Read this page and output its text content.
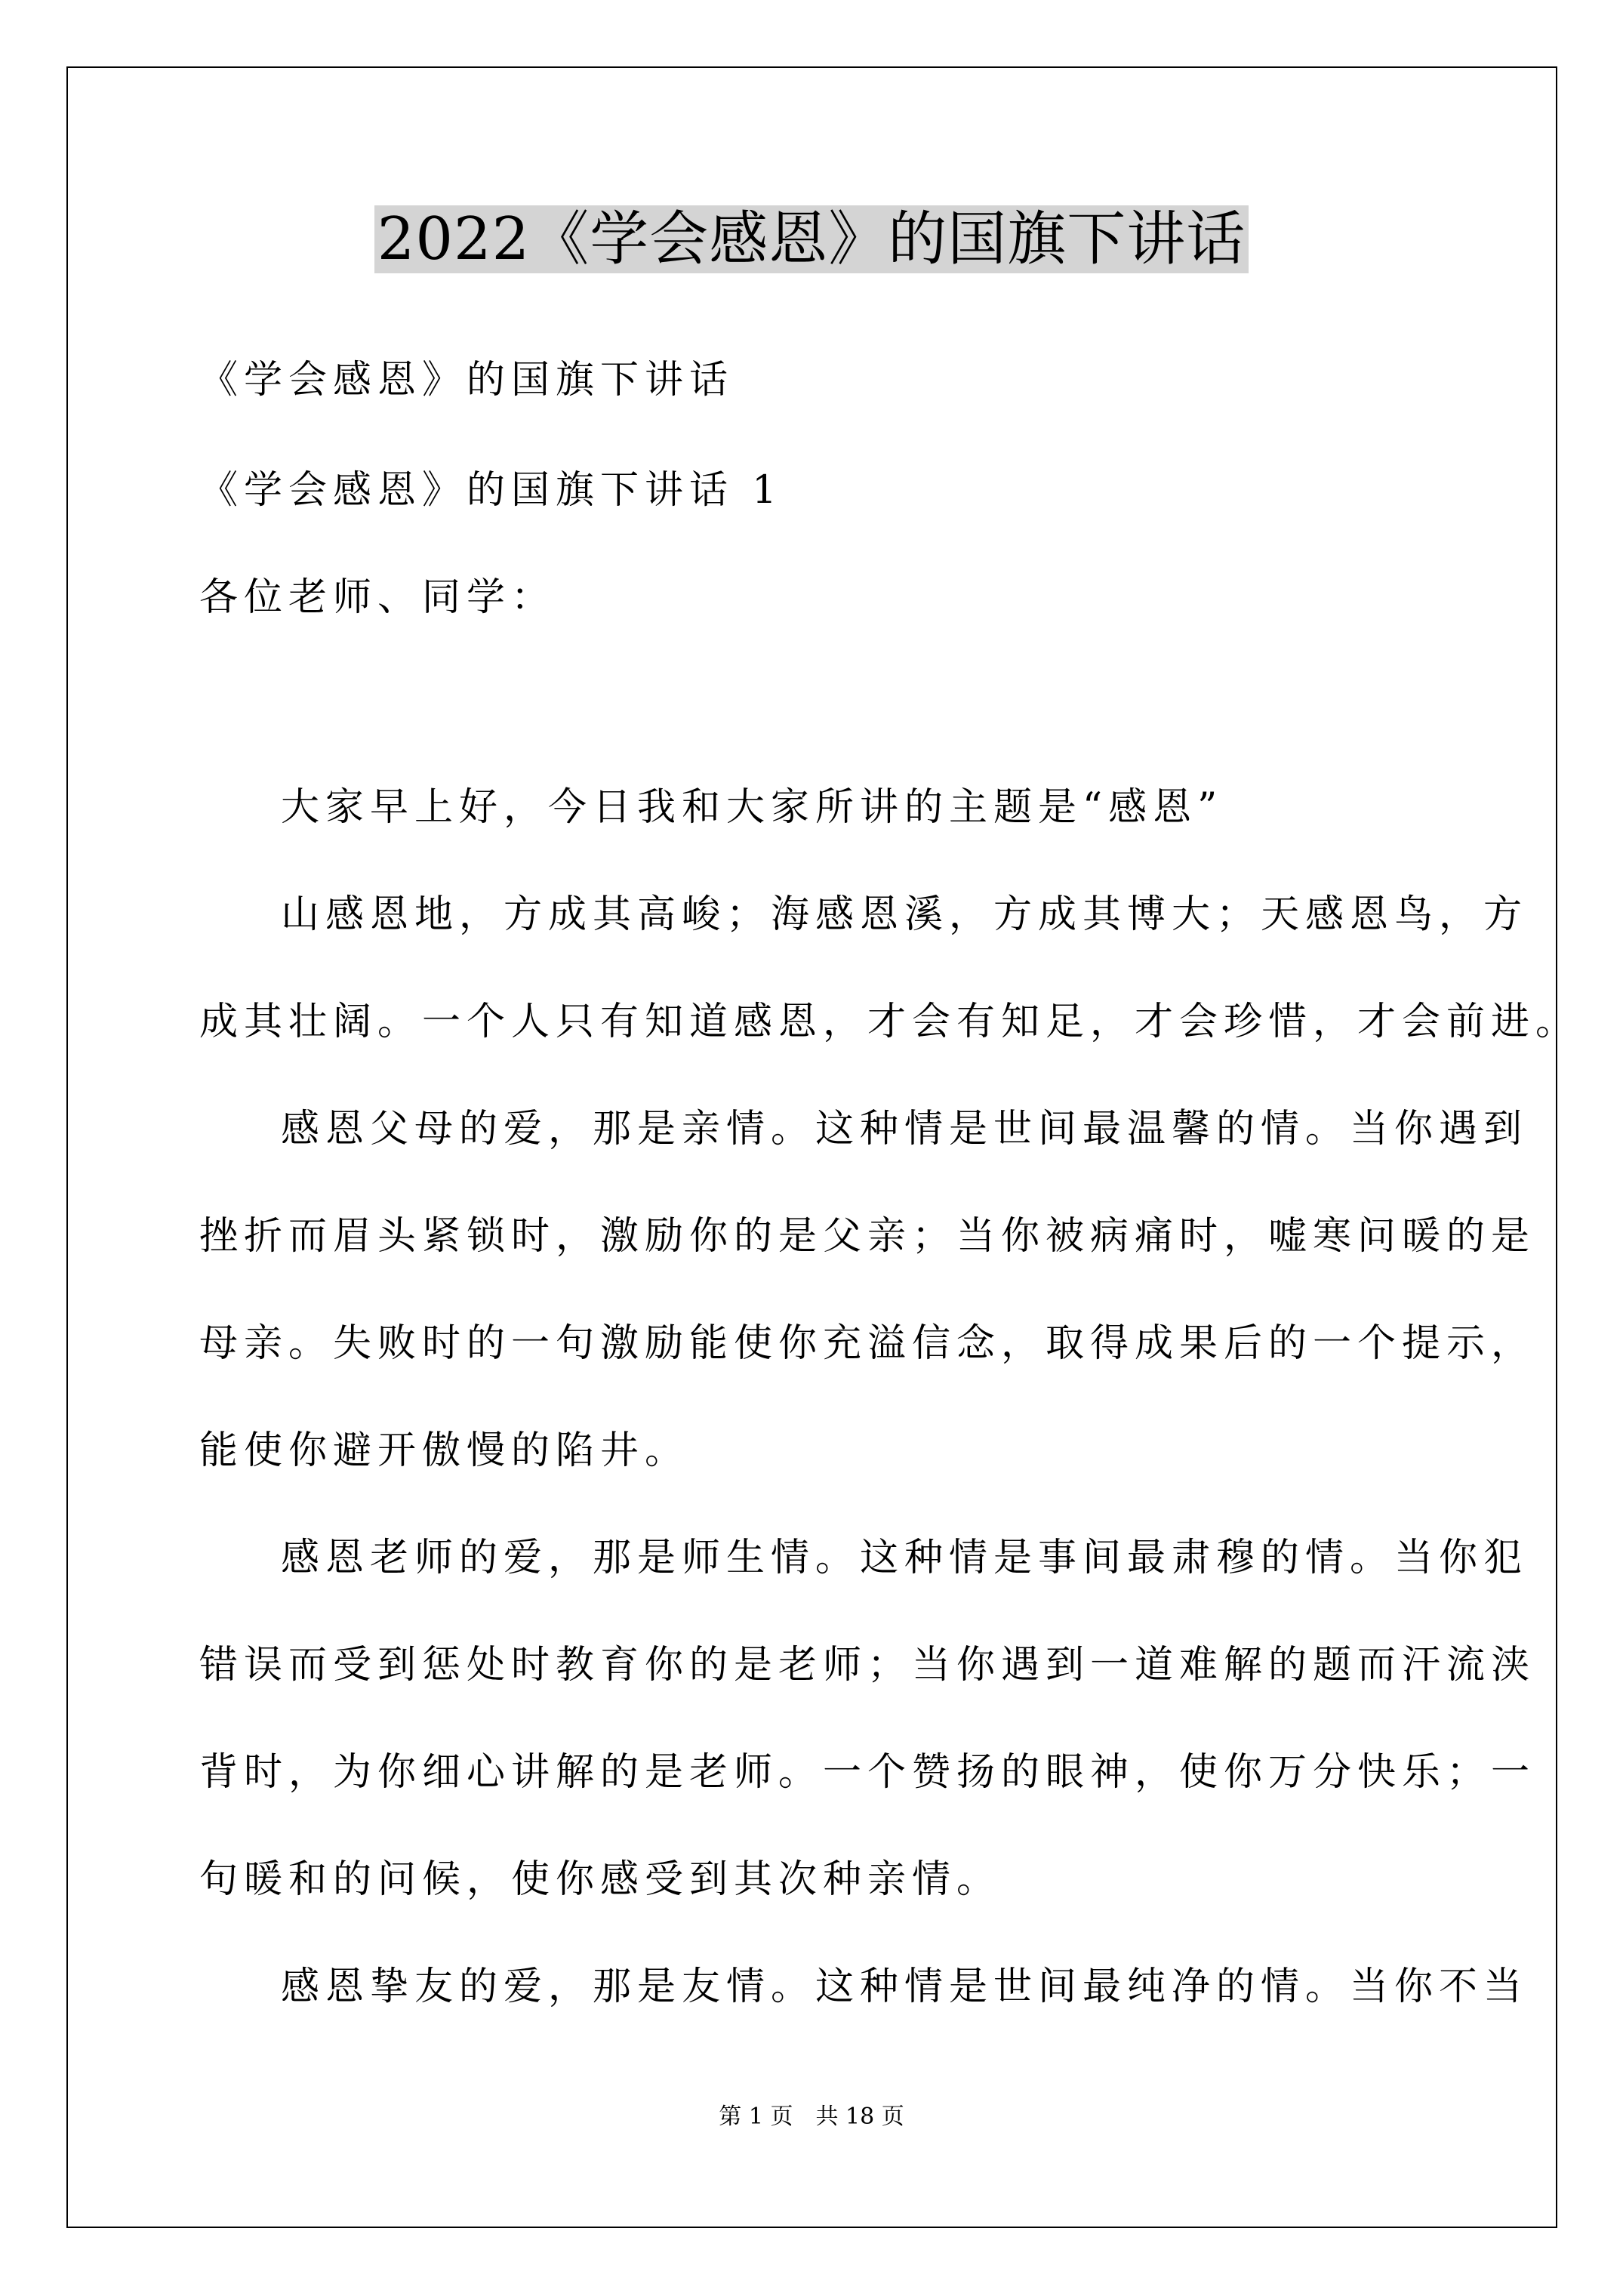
2022《学会感恩》的国旗下讲话

《学会感恩》的国旗下讲话

《学会感恩》的国旗下讲话 1

各位老师、同学：

大家早上好，今日我和大家所讲的主题是“感恩”

山感恩地，方成其高峻；海感恩溪，方成其博大；天感恩鸟，方

成其壮阔。一个人只有知道感恩，才会有知足，才会珍惜，才会前进。

感恩父母的爱，那是亲情。这种情是世间最温馨的情。当你遇到

挫折而眉头紧锁时，激励你的是父亲；当你被病痛时，嘘寒问暖的是

母亲。失败时的一句激励能使你充溢信念，取得成果后的一个提示，

能使你避开傲慢的陷井。

感恩老师的爱，那是师生情。这种情是事间最肃穆的情。当你犯

错误而受到惩处时教育你的是老师；当你遇到一道难解的题而汗流浃

背时，为你细心讲解的是老师。一个赞扬的眼神，使你万分快乐；一

句暖和的问候，使你感受到其次种亲情。

感恩挚友的爱，那是友情。这种情是世间最纯净的情。当你不当

第 1 页　共 18 页
